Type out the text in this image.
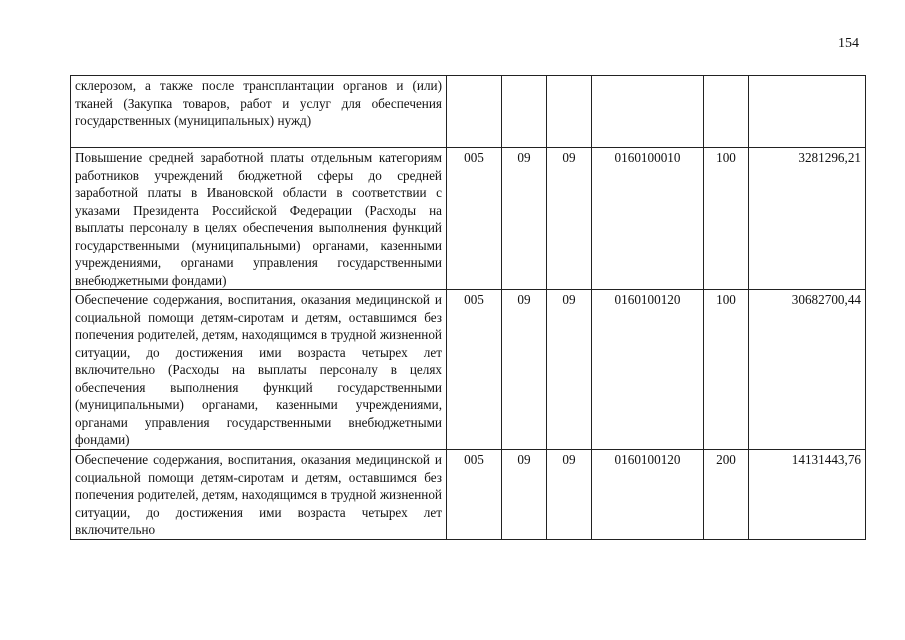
154
склерозом, а также после трансплантации органов и (или) тканей (Закупка товаров, работ и услуг для обеспечения государственных (муниципальных) нужд)						
Повышение средней заработной платы отдельным категориям работников учреждений бюджетной сферы до средней заработной платы в Ивановской области в соответствии с указами Президента Российской Федерации (Расходы на выплаты персоналу в целях обеспечения выполнения функций государственными (муниципальными) органами, казенными учреждениями, органами управления государственными внебюджетными фондами)	005	09	09	0160100010	100	3281296,21
Обеспечение содержания, воспитания, оказания медицинской и социальной помощи детям-сиротам и детям, оставшимся без попечения родителей, детям, находящимся в трудной жизненной ситуации, до достижения ими возраста четырех лет включительно (Расходы на выплаты персоналу в целях обеспечения выполнения функций государственными (муниципальными) органами, казенными учреждениями, органами управления государственными внебюджетными фондами)	005	09	09	0160100120	100	30682700,44
Обеспечение содержания, воспитания, оказания медицинской и социальной помощи детям-сиротам и детям, оставшимся без попечения родителей, детям, находящимся в трудной жизненной ситуации, до достижения ими возраста четырех лет включительно	005	09	09	0160100120	200	14131443,76
